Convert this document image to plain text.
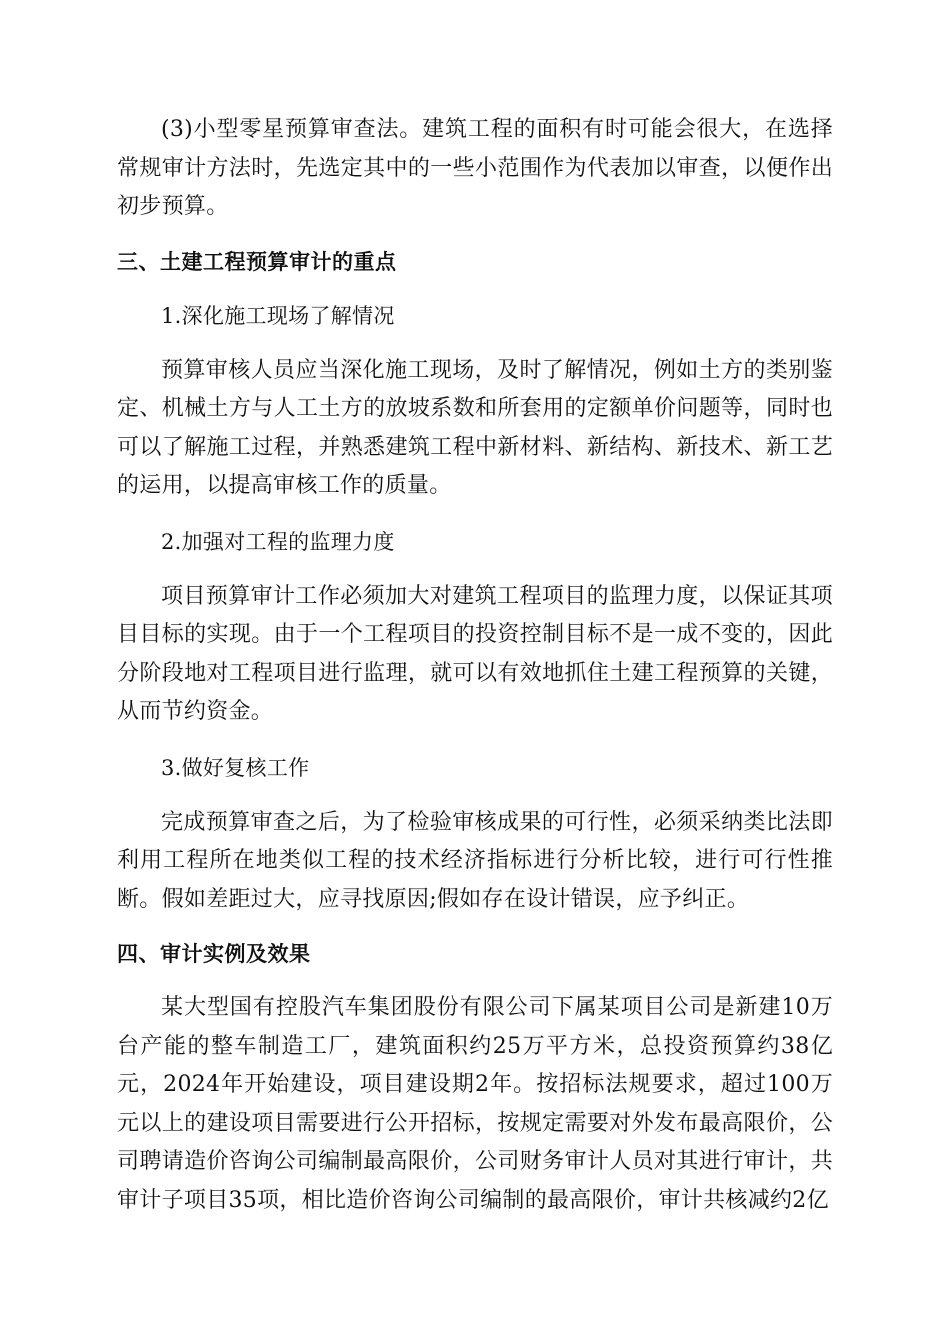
(3)小型零星预算审查法。建筑工程的面积有时可能会很大，在选择常规审计方法时，先选定其中的一些小范围作为代表加以审查，以便作出初步预算。

三、土建工程预算审计的重点

1.深化施工现场了解情况

预算审核人员应当深化施工现场，及时了解情况，例如土方的类别鉴定、机械土方与人工土方的放坡系数和所套用的定额单价问题等，同时也可以了解施工过程，并熟悉建筑工程中新材料、新结构、新技术、新工艺的运用，以提高审核工作的质量。

2.加强对工程的监理力度

项目预算审计工作必须加大对建筑工程项目的监理力度，以保证其项目目标的实现。由于一个工程项目的投资控制目标不是一成不变的，因此分阶段地对工程项目进行监理，就可以有效地抓住土建工程预算的关键，从而节约资金。

3.做好复核工作

完成预算审查之后，为了检验审核成果的可行性，必须采纳类比法即利用工程所在地类似工程的技术经济指标进行分析比较，进行可行性推断。假如差距过大，应寻找原因;假如存在设计错误，应予纠正。

四、审计实例及效果

某大型国有控股汽车集团股份有限公司下属某项目公司是新建10万台产能的整车制造工厂，建筑面积约25万平方米，总投资预算约38亿元，2024年开始建设，项目建设期2年。按招标法规要求，超过100万元以上的建设项目需要进行公开招标，按规定需要对外发布最高限价，公司聘请造价咨询公司编制最高限价，公司财务审计人员对其进行审计，共审计子项目35项，相比造价咨询公司编制的最高限价，审计共核减约2亿
